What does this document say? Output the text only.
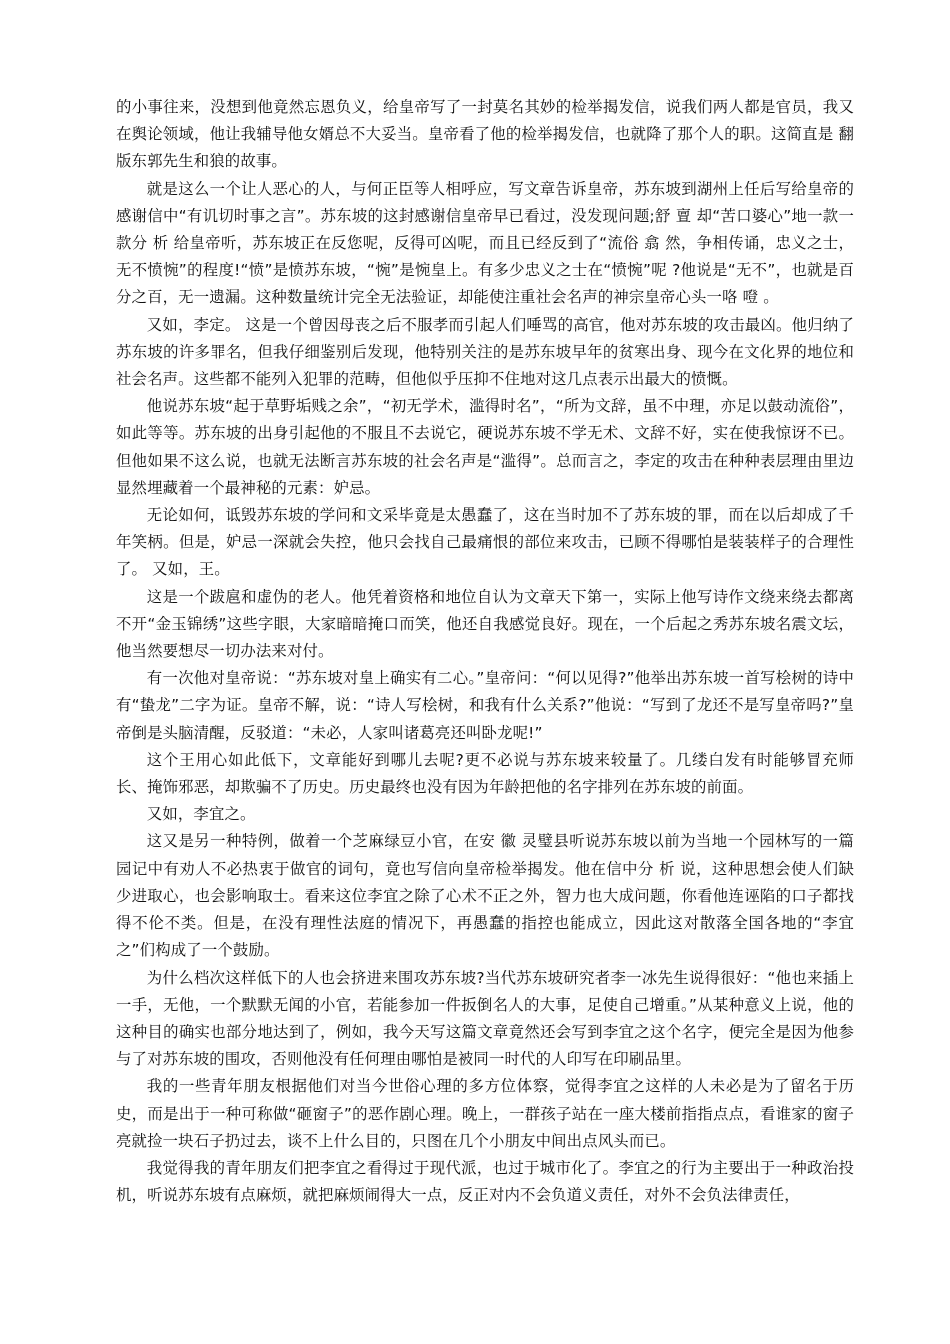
的小事往来，没想到他竟然忘恩负义，给皇帝写了一封莫名其妙的检举揭发信，说我们两人都是官员，我又在舆论领域，他让我辅导他女婿总不大妥当。皇帝看了他的检举揭发信，也就降了那个人的职。这简直是 翻 版东郭先生和狼的故事。

就是这么一个让人恶心的人，与何正臣等人相呼应，写文章告诉皇帝，苏东坡到湖州上任后写给皇帝的感谢信中“有讥切时事之言”。苏东坡的这封感谢信皇帝早已看过，没发现问题;舒 亶 却“苦口婆心”地一款一款分 析 给皇帝听，苏东坡正在反您呢，反得可凶呢，而且已经反到了“流俗 翕 然，争相传诵，忠义之士，无不愤惋”的程度!“愤”是愤苏东坡，“惋”是惋皇上。有多少忠义之士在“愤惋”呢 ?他说是“无不”，也就是百分之百，无一遗漏。这种数量统计完全无法验证，却能使注重社会名声的神宗皇帝心头一咯 噔 。

又如，李定。 这是一个曾因母丧之后不服孝而引起人们唾骂的高官，他对苏东坡的攻击最凶。他归纳了苏东坡的许多罪名，但我仔细鉴别后发现，他特别关注的是苏东坡早年的贫寒出身、现今在文化界的地位和社会名声。这些都不能列入犯罪的范畴，但他似乎压抑不住地对这几点表示出最大的愤慨。

他说苏东坡“起于草野垢贱之余”，“初无学术，滥得时名”，“所为文辞，虽不中理，亦足以鼓动流俗”，如此等等。苏东坡的出身引起他的不服且不去说它，硬说苏东坡不学无术、文辞不好，实在使我惊讶不已。但他如果不这么说，也就无法断言苏东坡的社会名声是“滥得”。总而言之，李定的攻击在种种表层理由里边显然埋藏着一个最神秘的元素：妒忌。

无论如何，诋毁苏东坡的学问和文采毕竟是太愚蠢了，这在当时加不了苏东坡的罪，而在以后却成了千年笑柄。但是，妒忌一深就会失控，他只会找自己最痛恨的部位来攻击，已顾不得哪怕是装装样子的合理性了。 又如，王。

这是一个跋扈和虚伪的老人。他凭着资格和地位自认为文章天下第一，实际上他写诗作文绕来绕去都离不开“金玉锦绣”这些字眼，大家暗暗掩口而笑，他还自我感觉良好。现在，一个后起之秀苏东坡名震文坛，他当然要想尽一切办法来对付。

有一次他对皇帝说：“苏东坡对皇上确实有二心。”皇帝问：“何以见得?”他举出苏东坡一首写桧树的诗中有“蛰龙”二字为证。皇帝不解，说：“诗人写桧树，和我有什么关系?”他说：“写到了龙还不是写皇帝吗?”皇帝倒是头脑清醒，反驳道：“未必，人家叫诸葛亮还叫卧龙呢!”

这个王用心如此低下，文章能好到哪儿去呢?更不必说与苏东坡来较量了。几缕白发有时能够冒充师长、掩饰邪恶，却欺骗不了历史。历史最终也没有因为年龄把他的名字排列在苏东坡的前面。

又如，李宜之。

这又是另一种特例，做着一个芝麻绿豆小官，在安 徽 灵璧县听说苏东坡以前为当地一个园林写的一篇园记中有劝人不必热衷于做官的词句，竟也写信向皇帝检举揭发。他在信中分 析 说，这种思想会使人们缺少进取心，也会影响取士。看来这位李宜之除了心术不正之外，智力也大成问题，你看他连诬陷的口子都找得不伦不类。但是，在没有理性法庭的情况下，再愚蠢的指控也能成立，因此这对散落全国各地的“李宜之”们构成了一个鼓励。

为什么档次这样低下的人也会挤进来围攻苏东坡?当代苏东坡研究者李一冰先生说得很好：“他也来插上一手，无他，一个默默无闻的小官，若能参加一件扳倒名人的大事，足使自己增重。”从某种意义上说，他的这种目的确实也部分地达到了，例如，我今天写这篇文章竟然还会写到李宜之这个名字，便完全是因为他参与了对苏东坡的围攻，否则他没有任何理由哪怕是被同一时代的人印写在印刷品里。

我的一些青年朋友根据他们对当今世俗心理的多方位体察，觉得李宜之这样的人未必是为了留名于历史，而是出于一种可称做“砸窗子”的恶作剧心理。晚上，一群孩子站在一座大楼前指指点点，看谁家的窗子亮就捡一块石子扔过去，谈不上什么目的，只图在几个小朋友中间出点风头而已。

我觉得我的青年朋友们把李宜之看得过于现代派，也过于城市化了。李宜之的行为主要出于一种政治投机，听说苏东坡有点麻烦，就把麻烦闹得大一点，反正对内不会负道义责任，对外不会负法律责任，
